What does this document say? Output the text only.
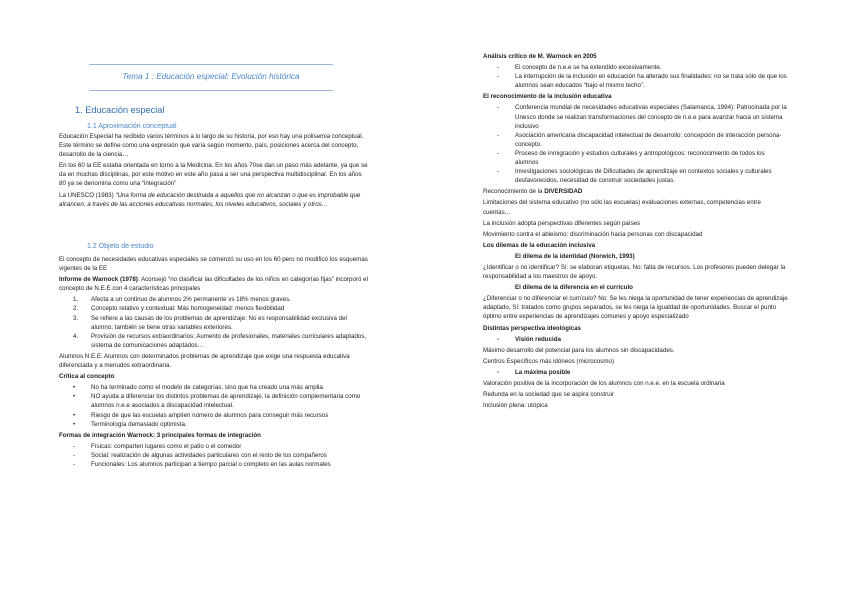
Tema 1 : Educación especial: Evolución histórica
1. Educación especial
1.1 Aproximación conceptual

Educación Especial ha recibido varios términos a lo largo de su historia, por eso hay una polisemia conceptual. Este término se define como una expresión que varía según momento, país, posiciones acerca del concepto, desarrollo de la ciencia…

En los 60 la EE estaba orientada en torno a la Medicina. En los años 70se dan un paso más adelante, ya que se da en muchas disciplinas, por este motivo en este año pasa a ser una perspectiva multidisciplinar. En los años 80 ya se denomina como una “integración”

La UNESCO (1983) “Una forma de educación destinada a aquellos que no alcanzan o que es improbable que alcancen, a través de las acciones educativas normales, los niveles educativos, sociales y otros…

1.2 Objeto de estudio

El concepto de necesidades educativas especiales se comenzó su uso en los 60 pero no modificó los esquemas vigentes de la EE

Informe de Warnock (1978): Aconsejó “no clasificar las dificultades de los niños en categorías fijas” incorporó el concepto de N.E.E con 4 características principales

1. Afecta a un continuo de alumnos 2% permanente vs 18% menos graves.
2. Concepto relativo y contextual: Más homogeneidad: menos flexibilidad
3. Se refiere a las causas de los problemas de aprendizaje: No es responsabilidad exclusiva del alumno, también se tiene otras variables exteriores.
4. Provisión de recursos extraordinarios: Aumento de profesionales, materiales curriculares adaptados, sistema de comunicaciones adaptados…

Alumnos N.E.E: Alumnos con determinados problemas de aprendizaje que exige una respuesta educativa diferenciada y a menudos extraordinaria.

Crítica al concepto

•	No ha terminado como el modelo de categorías, sino que ha creado una más amplia.
•	NO ayuda a diferenciar los distintos problemas de aprendizaje, la definición complementaria como alumnos n.e.e asociados a discapacidad intelectual.
•	Riesgo de que las escuelas amplíen número de alumnos para conseguir más recursos
•	Terminología demasiado optimista.

Formas de integración Warnock: 3 principales formas de integración

-	Físicas: comparten lugares como el patio o el comedor
-	Social: realización de algunas actividades particulares con el resto de los compañeros
-	Funcionales: Los alumnos participan a tiempo parcial o completo en las aulas normales

Análisis crítico de M. Warnock en 2005

-	El concepto de n.e.e se ha extendido excesivamente.
-	La interrupción de la inclusión en educación ha alterado sus finalidades: no se trata sólo de que los alumnos sean educados “bajo el mismo techo”.

El reconocimiento de la inclusión educativa

-	Conferencia mundial de necesidades educativas especiales (Salamanca, 1994): Patrocinada por la Unesco donde se realizan transformaciones del concepto de n.e.e para avanzar hacia un sistema inclusivo
-	Asociación americana discapacidad intelectual de desarrollo: concepción de interacción persona-concepto.
-	Proceso de inmigración y estudios culturales y antropológicos: reconocimiento de todos los alumnos
-	Investigaciones sociológicas de Dificultades de aprendizaje en contextos sociales y culturales desfavorecidos, necesidad de construir sociedades justas.

Reconocimiento de la DIVERSIDAD

Limitaciones del sistema educativo (no sólo las escuelas) evaluaciones externas, competencias entre cuentas…

La inclusión adopta perspectivas diferentes según países

Movimiento contra el ableismo: discriminación hacia personas con discapacidad

Los dilemas de la educación inclusiva

El dilema de la identidad (Norwich, 1993)

¿Identificar o no identificar? Sí: se elaboran etiquetas, No: falta de recursos. Los profesores pueden delegar la responsabilidad a los maestros de apoyo.

El dilema de la diferencia en el currículo

¿Diferenciar o no diferenciar el currículo? No: Se les niega la oportunidad de tener experiencias de aprendizaje adaptado, Sí: tratados como grupos separados, se les niega la igualdad de oportunidades. Buscar el punto óptimo entre experiencias de aprendizajes comunes y apoyo especializado

Distintas perspectiva ideológicas

-	Visión reducida

Máximo desarrollo del potencial para los alumnos sin discapacidades.

Centros Específicos más idóneos (microcosmo)

-	La máxima posible

Valoración positiva de la incorporación de los alumnos con n.e.e. en la escuela ordinaria

Redunda en la sociedad que se aspira construir

Inclusión plena: utópica
